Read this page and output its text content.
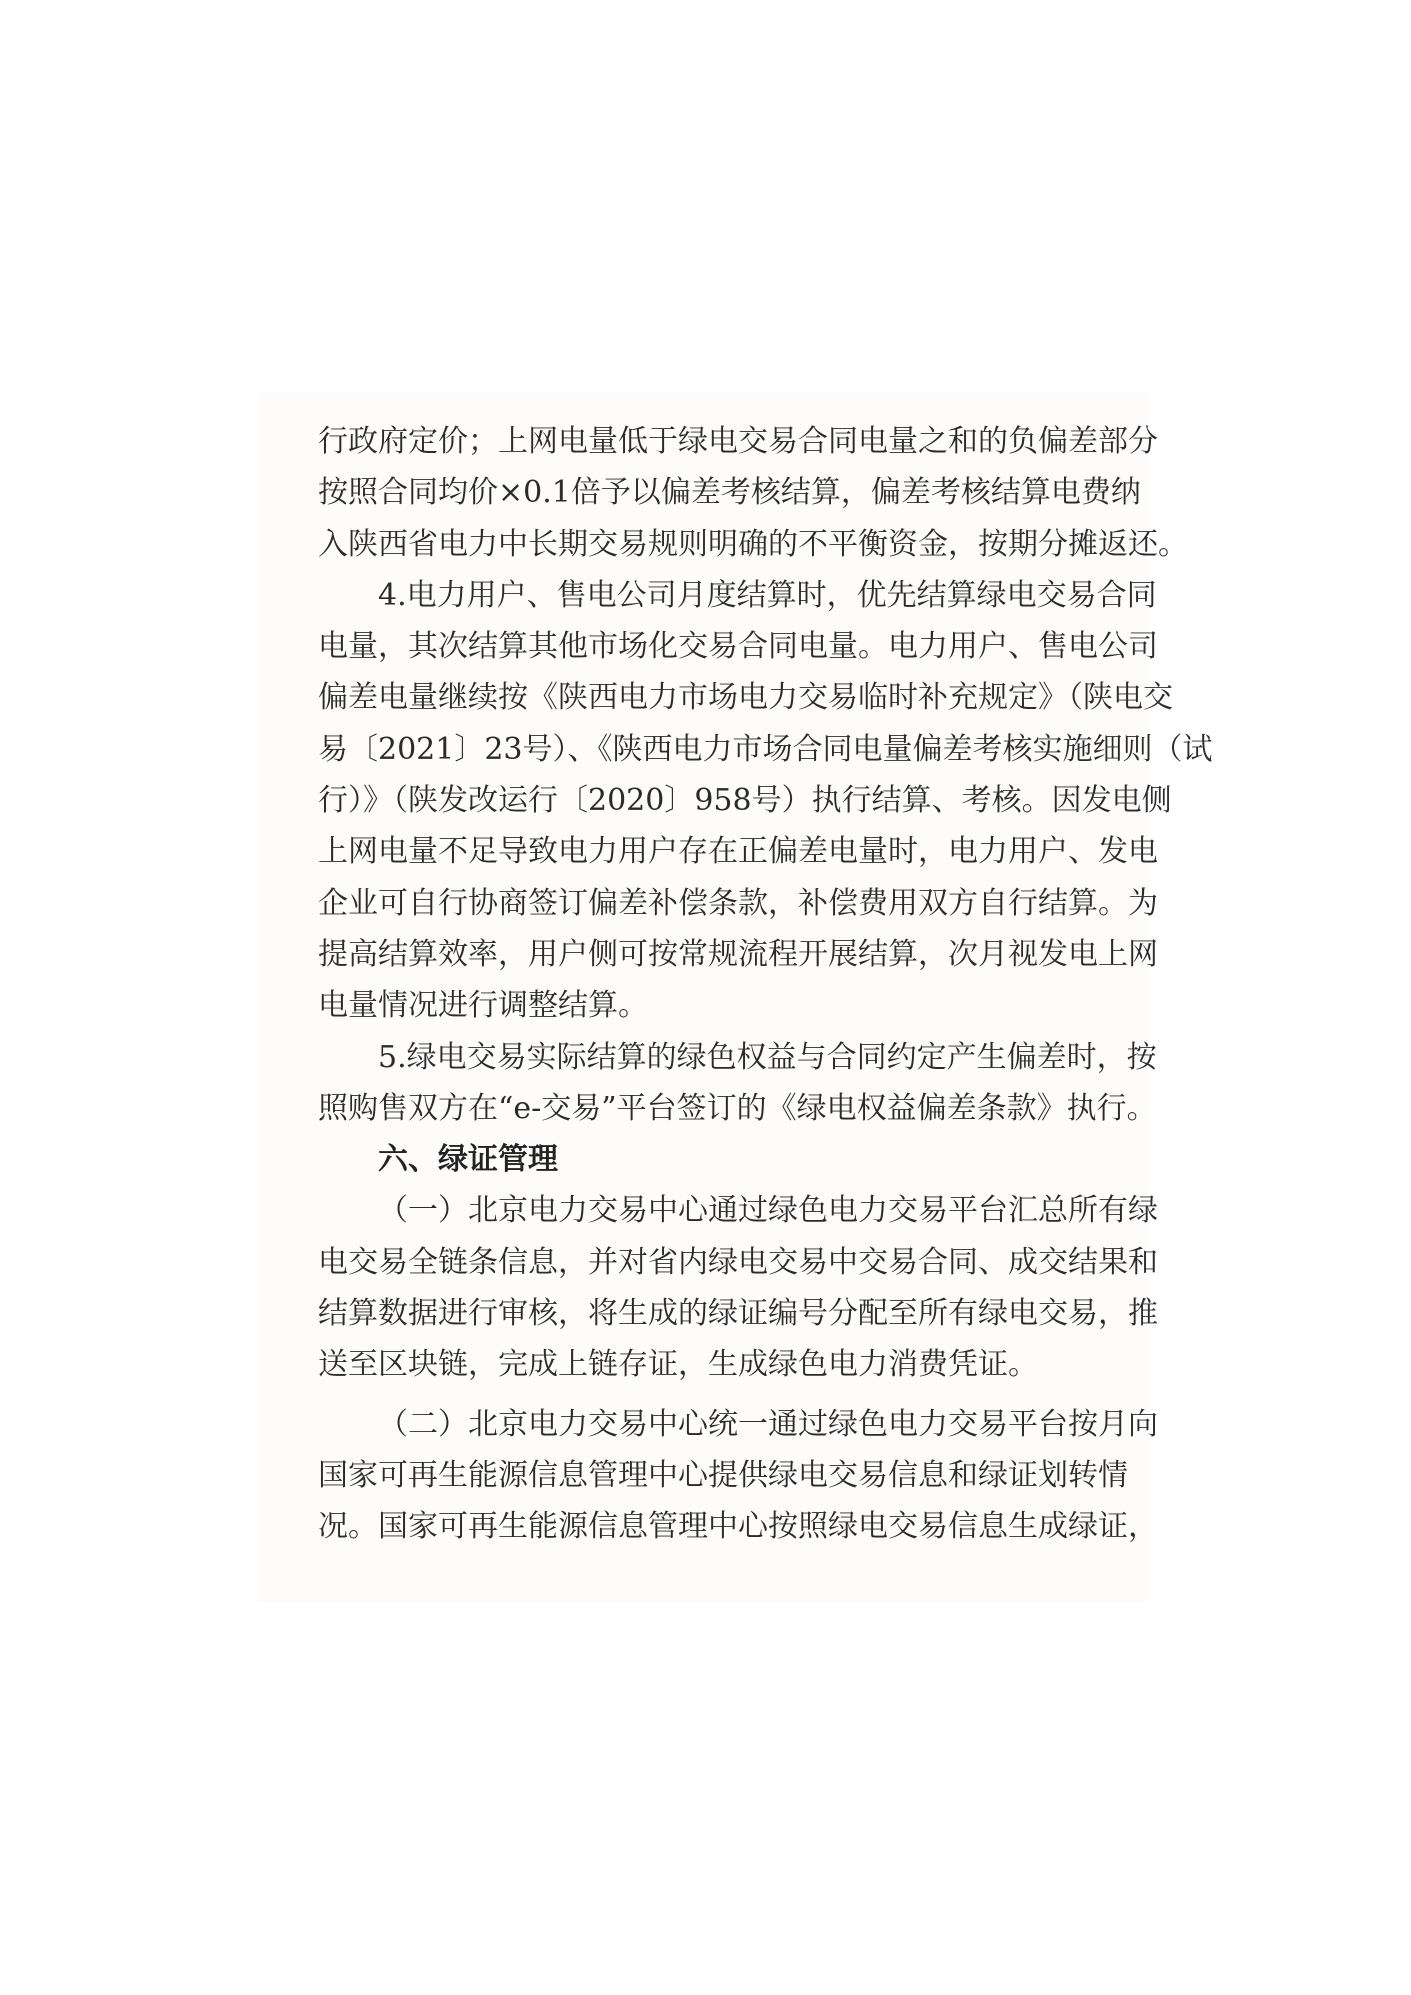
行政府定价；上网电量低于绿电交易合同电量之和的负偏差部分
按照合同均价×0.1倍予以偏差考核结算，偏差考核结算电费纳
入陕西省电力中长期交易规则明确的不平衡资金，按期分摊返还。
4.电力用户、售电公司月度结算时，优先结算绿电交易合同
电量，其次结算其他市场化交易合同电量。电力用户、售电公司
偏差电量继续按《陕西电力市场电力交易临时补充规定》（陕电交
易〔2021〕23号）、《陕西电力市场合同电量偏差考核实施细则（试
行）》（陕发改运行〔2020〕958号）执行结算、考核。因发电侧
上网电量不足导致电力用户存在正偏差电量时，电力用户、发电
企业可自行协商签订偏差补偿条款，补偿费用双方自行结算。为
提高结算效率，用户侧可按常规流程开展结算，次月视发电上网
电量情况进行调整结算。
5.绿电交易实际结算的绿色权益与合同约定产生偏差时，按
照购售双方在“e-交易”平台签订的《绿电权益偏差条款》执行。
六、绿证管理
（一）北京电力交易中心通过绿色电力交易平台汇总所有绿
电交易全链条信息，并对省内绿电交易中交易合同、成交结果和
结算数据进行审核，将生成的绿证编号分配至所有绿电交易，推
送至区块链，完成上链存证，生成绿色电力消费凭证。
（二）北京电力交易中心统一通过绿色电力交易平台按月向
国家可再生能源信息管理中心提供绿电交易信息和绿证划转情
况。国家可再生能源信息管理中心按照绿电交易信息生成绿证，
